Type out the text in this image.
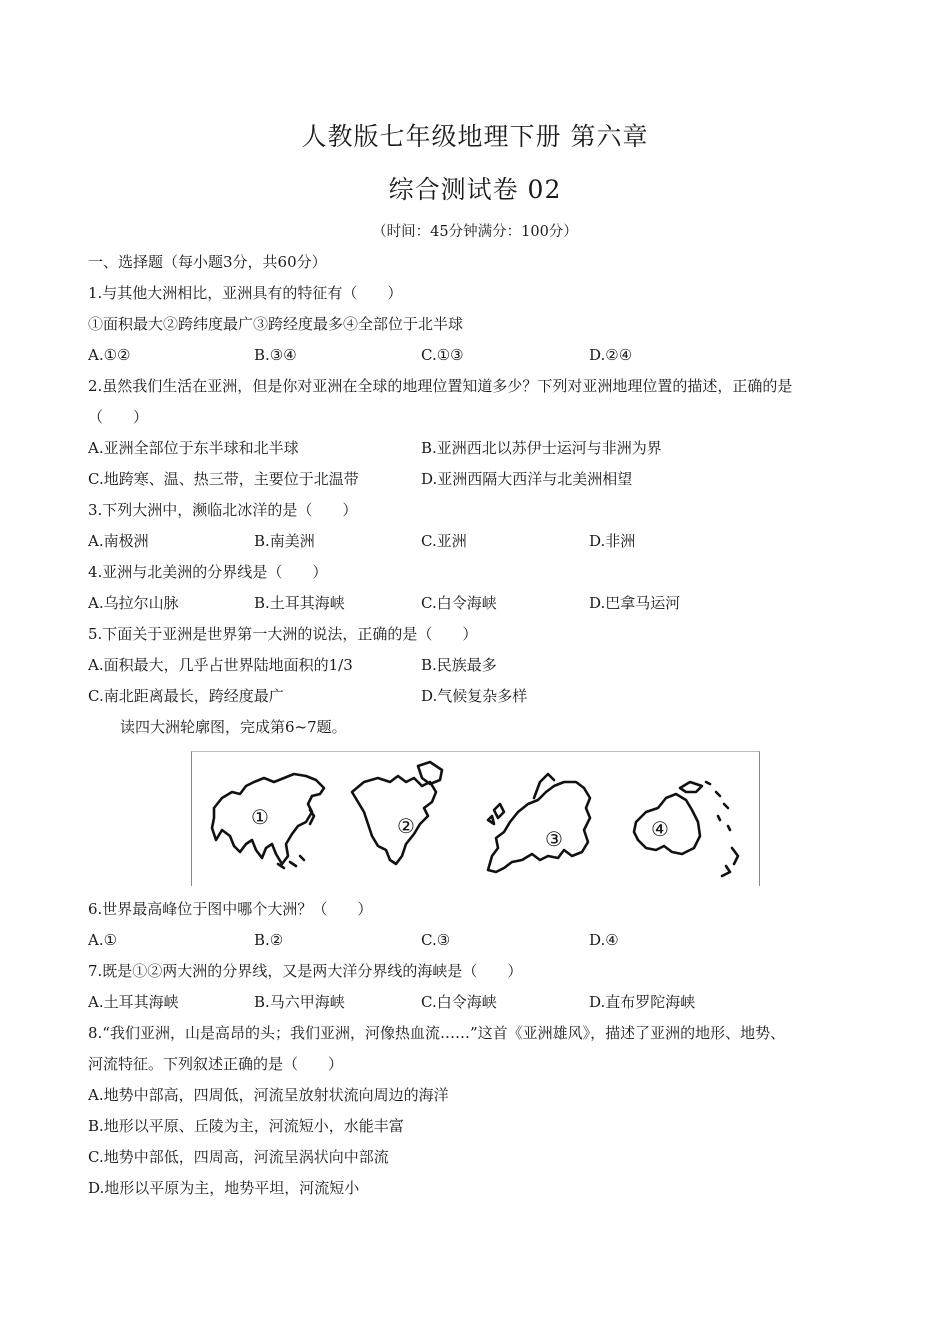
人教版七年级地理下册 第六章
综合测试卷 02
（时间：45分钟满分：100分）
一、选择题（每小题3分，共60分）
1.与其他大洲相比，亚洲具有的特征有（　　）
①面积最大②跨纬度最广③跨经度最多④全部位于北半球
A.①②	B.③④	C.①③	D.②④
2.虽然我们生活在亚洲，但是你对亚洲在全球的地理位置知道多少？下列对亚洲地理位置的描述，正确的是
（　　）
A.亚洲全部位于东半球和北半球	B.亚洲西北以苏伊士运河与非洲为界
C.地跨寒、温、热三带，主要位于北温带	D.亚洲西隔大西洋与北美洲相望
3.下列大洲中，濒临北冰洋的是（　　）
A.南极洲	B.南美洲	C.亚洲	D.非洲
4.亚洲与北美洲的分界线是（　　）
A.乌拉尔山脉	B.土耳其海峡	C.白令海峡	D.巴拿马运河
5.下面关于亚洲是世界第一大洲的说法，正确的是（　　）
A.面积最大，几乎占世界陆地面积的1/3	B.民族最多
C.南北距离最长，跨经度最广	D.气候复杂多样
读四大洲轮廓图，完成第6~7题。
①	②
③	④
6.世界最高峰位于图中哪个大洲？（　　）
A.①	B.②	C.③	D.④
7.既是①②两大洲的分界线，又是两大洋分界线的海峡是（　　）
A.土耳其海峡	B.马六甲海峡	C.白令海峡	D.直布罗陀海峡
8.“我们亚洲，山是高昂的头；我们亚洲，河像热血流……”这首《亚洲雄风》，描述了亚洲的地形、地势、
河流特征。下列叙述正确的是（　　）
A.地势中部高，四周低，河流呈放射状流向周边的海洋
B.地形以平原、丘陵为主，河流短小，水能丰富
C.地势中部低，四周高，河流呈涡状向中部流
D.地形以平原为主，地势平坦，河流短小
